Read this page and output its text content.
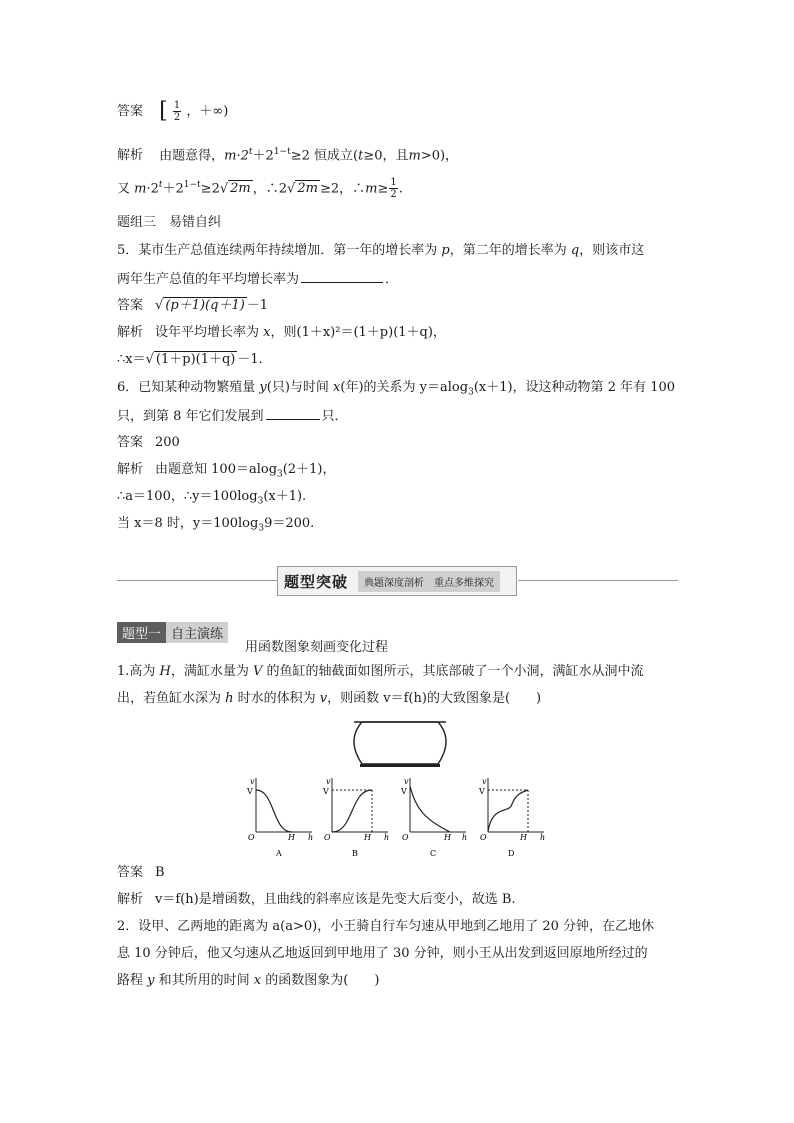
答案 [ $\frac{1}{2}$ ，＋∞)
解析 由题意得，$m\cdot 2^t+2^{1-t}\ge 2$ 恒成立(t≥0，且m>0)，
又 $m\cdot 2^t+2^{1-t}\ge 2√$ 2m ，∴2√ 2m ≥2，∴m≥ $\frac{1}{2}$ .
题组三　易错自纠
5．某市生产总值连续两年持续增加．第一年的增长率为 p，第二年的增长率为 q，则该市这
两年生产总值的年平均增长率为	．
答案 √ (p＋1)(q＋1) －1
解析 设年平均增长率为 x，则(1＋x)²＝(1＋p)(1＋q)，
∴x＝√ (1＋p)(1＋q) －1.
6．已知某种动物繁殖量 y(只)与时间 x(年)的关系为 y＝alog$_3$(x＋1)，设这种动物第 2 年有 100
只，到第 8 年它们发展到	只．
答案 200
解析 由题意知 100＝alog$_3$(2＋1)，
∴a＝100，$\therefore y=100\log_3(x+1)$.
当 x＝8 时，$y=100\log_39=200$.
题型突破	典题深度剖析　重点多维探究
题型一 自主演练
用函数图象刻画变化过程
1.高为 H，满缸水量为 V 的鱼缸的轴截面如图所示，其底部破了一个小洞，满缸水从洞中流
出，若鱼缸水深为 h 时水的体积为 v，则函数 v＝f(h)的大致图象是(　　)
v
V
O	H h
A
v
V
O	H h
B
v
V
O	H h
C
v
V
O	H h
D
答案 B
解析 v＝f(h)是增函数，且曲线的斜率应该是先变大后变小，故选 B.
2．设甲、乙两地的距离为 a(a>0)，小王骑自行车匀速从甲地到乙地用了 20 分钟，在乙地休
息 10 分钟后，他又匀速从乙地返回到甲地用了 30 分钟，则小王从出发到返回原地所经过的
路程 y 和其所用的时间 x 的函数图象为(　　)
